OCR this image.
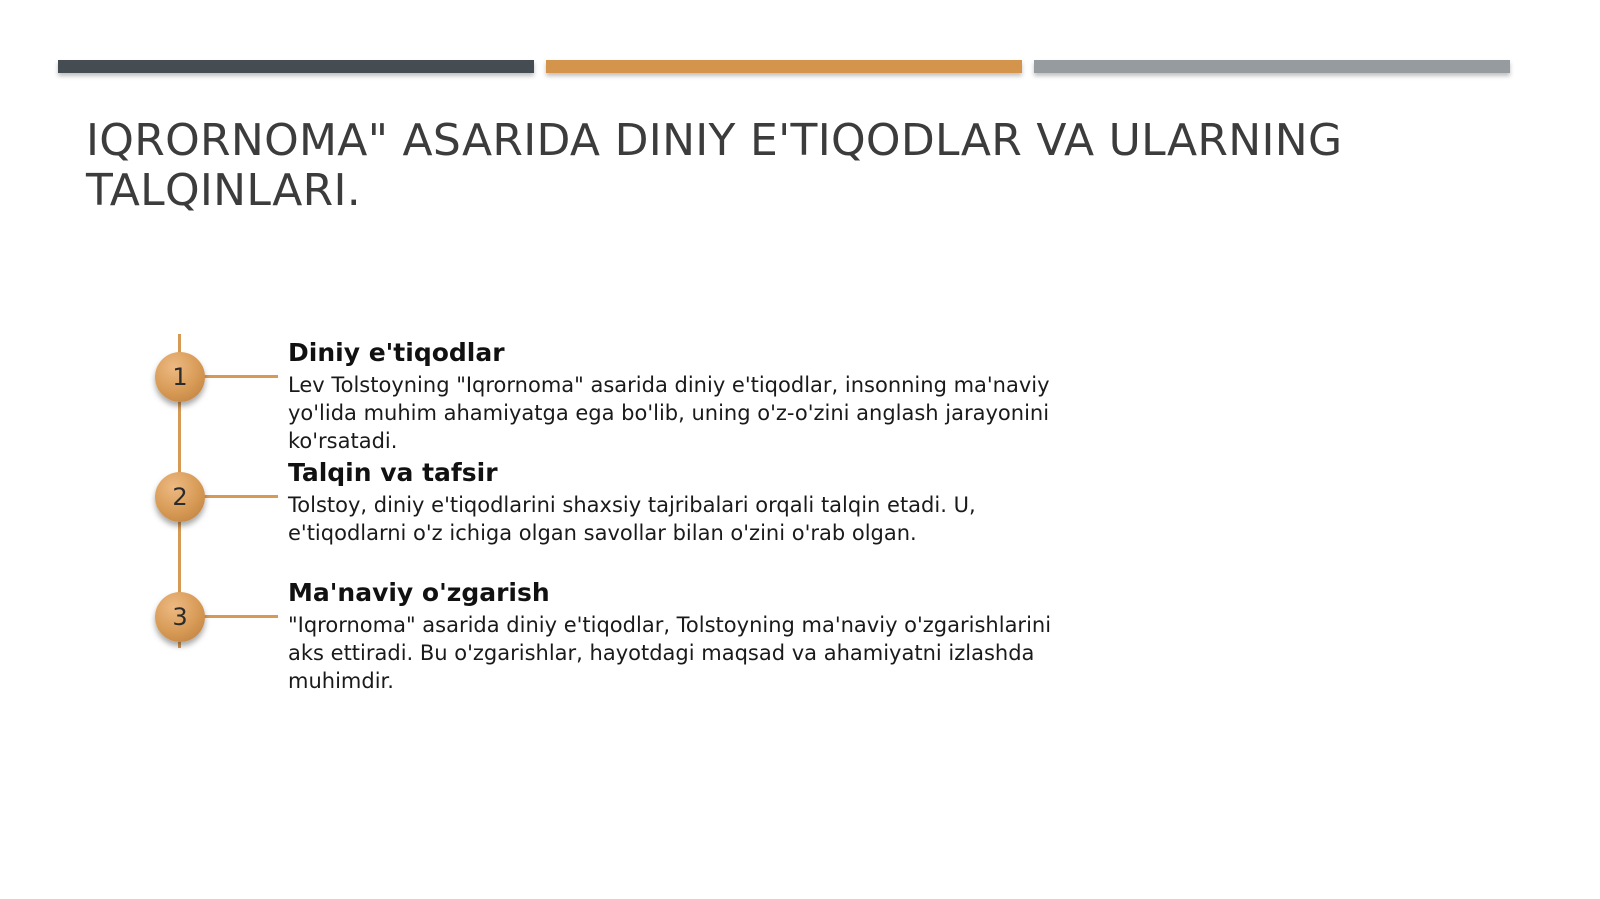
IQRORNOMA" ASARIDA DINIY E'TIQODLAR VA ULARNING TALQINLARI.
1
Diniy e'tiqodlar

Lev Tolstoyning "Iqrornoma" asarida diniy e'tiqodlar, insonning ma'naviy yo'lida muhim ahamiyatga ega bo'lib, uning o'z-o'zini anglash jarayonini ko'rsatadi.

2
Talqin va tafsir

Tolstoy, diniy e'tiqodlarini shaxsiy tajribalari orqali talqin etadi. U, e'tiqodlarni o'z ichiga olgan savollar bilan o'zini o'rab olgan.

3
Ma'naviy o'zgarish

"Iqrornoma" asarida diniy e'tiqodlar, Tolstoyning ma'naviy o'zgarishlarini aks ettiradi. Bu o'zgarishlar, hayotdagi maqsad va ahamiyatni izlashda muhimdir.
